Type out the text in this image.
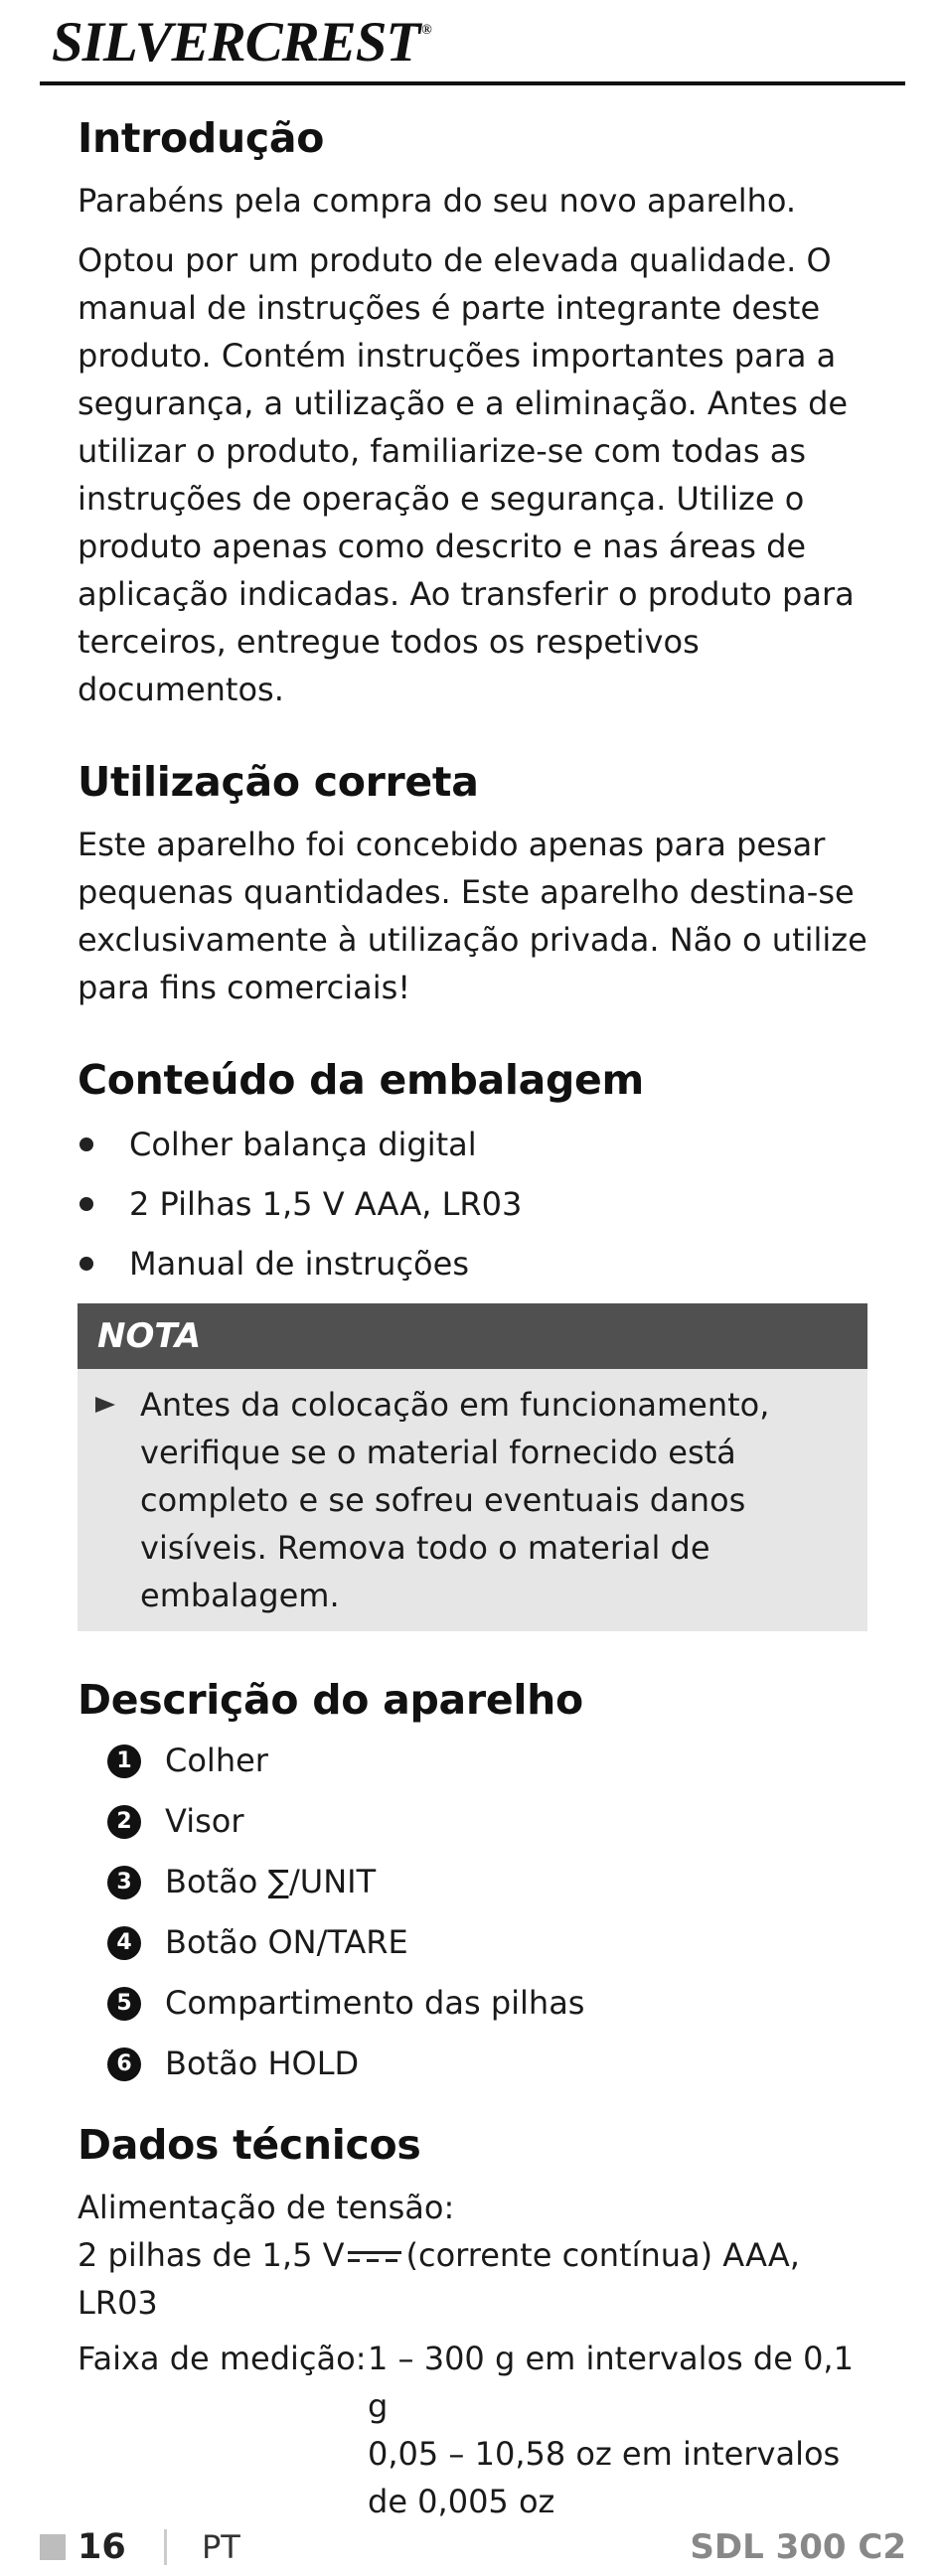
SILVERCREST ®
Introdução

Parabéns pela compra do seu novo aparelho.

Optou por um produto de elevada qualidade. O manual de instruções é parte integrante deste produto. Contém instruções importantes para a segurança, a utilização e a eliminação. Antes de utilizar o produto, familiarize-se com todas as instruções de operação e segurança. Utilize o produto apenas como descrito e nas áreas de aplicação indicadas. Ao transferir o produto para terceiros, entregue todos os respetivos documentos.

Utilização correta

Este aparelho foi concebido apenas para pesar pequenas quantidades. Este aparelho destina-se exclusivamente à utilização privada. Não o utilize para fins comerciais!

Conteúdo da embalagem
Colher balança digital
2 Pilhas 1,5 V AAA, LR03
Manual de instruções
NOTA
Antes da colocação em funcionamento, verifique se o material fornecido está completo e se sofreu eventuais danos visíveis. Remova todo o material de embalagem.
Descrição do aparelho
1 Colher
2 Visor
3 Botão ∑/UNIT
4 Botão ON/TARE
5 Compartimento das pilhas
6 Botão HOLD
Dados técnicos

Alimentação de tensão:

2 pilhas de 1,5 V (corrente contínua) AAA, LR03

Faixa de medição: 1 – 300 g em intervalos de 0,1 g
0,05 – 10,58 oz em intervalos de 0,005 oz
16 PT	SDL 300 C2
